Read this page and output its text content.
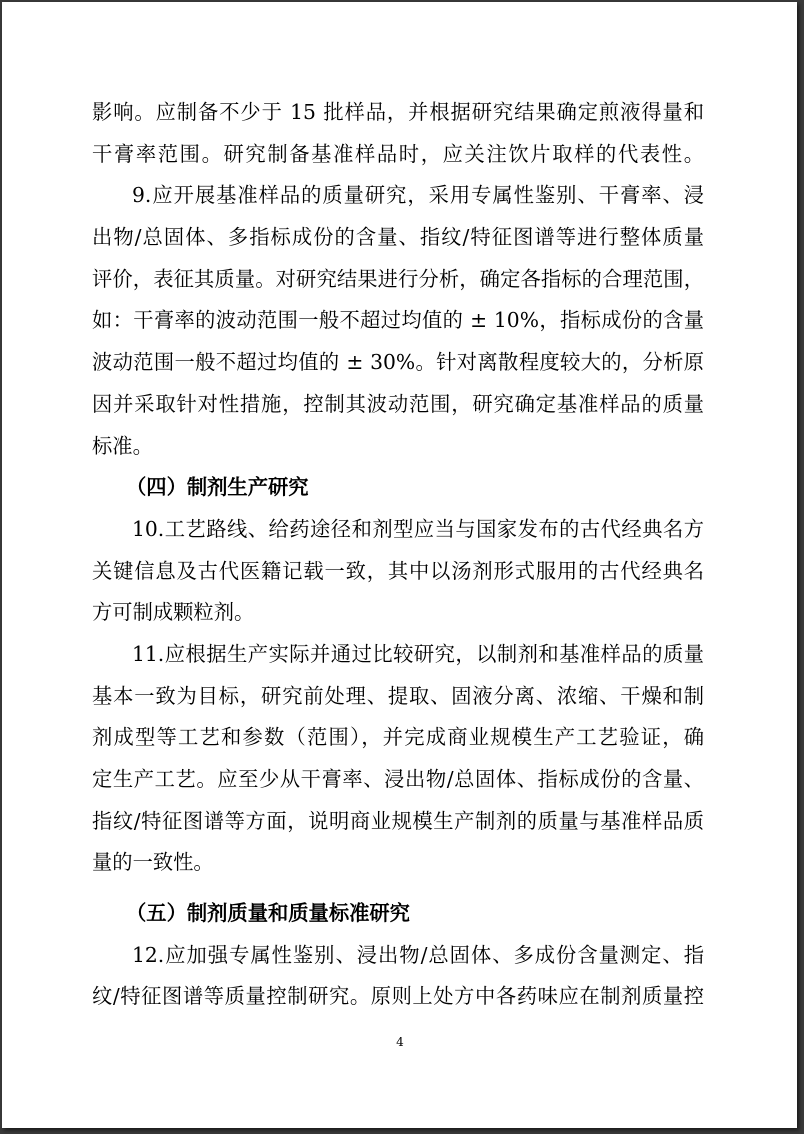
影响。应制备不少于 15 批样品，并根据研究结果确定煎液得量和
干膏率范围。研究制备基准样品时，应关注饮片取样的代表性。
9.应开展基准样品的质量研究，采用专属性鉴别、干膏率、浸
出物/总固体、多指标成份的含量、指纹/特征图谱等进行整体质量
评价，表征其质量。对研究结果进行分析，确定各指标的合理范围，
如：干膏率的波动范围一般不超过均值的 ± 10%，指标成份的含量
波动范围一般不超过均值的 ± 30%。针对离散程度较大的，分析原
因并采取针对性措施，控制其波动范围，研究确定基准样品的质量
标准。
（四）制剂生产研究
10.工艺路线、给药途径和剂型应当与国家发布的古代经典名方
关键信息及古代医籍记载一致，其中以汤剂形式服用的古代经典名
方可制成颗粒剂。
11.应根据生产实际并通过比较研究，以制剂和基准样品的质量
基本一致为目标，研究前处理、提取、固液分离、浓缩、干燥和制
剂成型等工艺和参数（范围），并完成商业规模生产工艺验证，确
定生产工艺。应至少从干膏率、浸出物/总固体、指标成份的含量、
指纹/特征图谱等方面，说明商业规模生产制剂的质量与基准样品质
量的一致性。
（五）制剂质量和质量标准研究
12.应加强专属性鉴别、浸出物/总固体、多成份含量测定、指
纹/特征图谱等质量控制研究。原则上处方中各药味应在制剂质量控
4
